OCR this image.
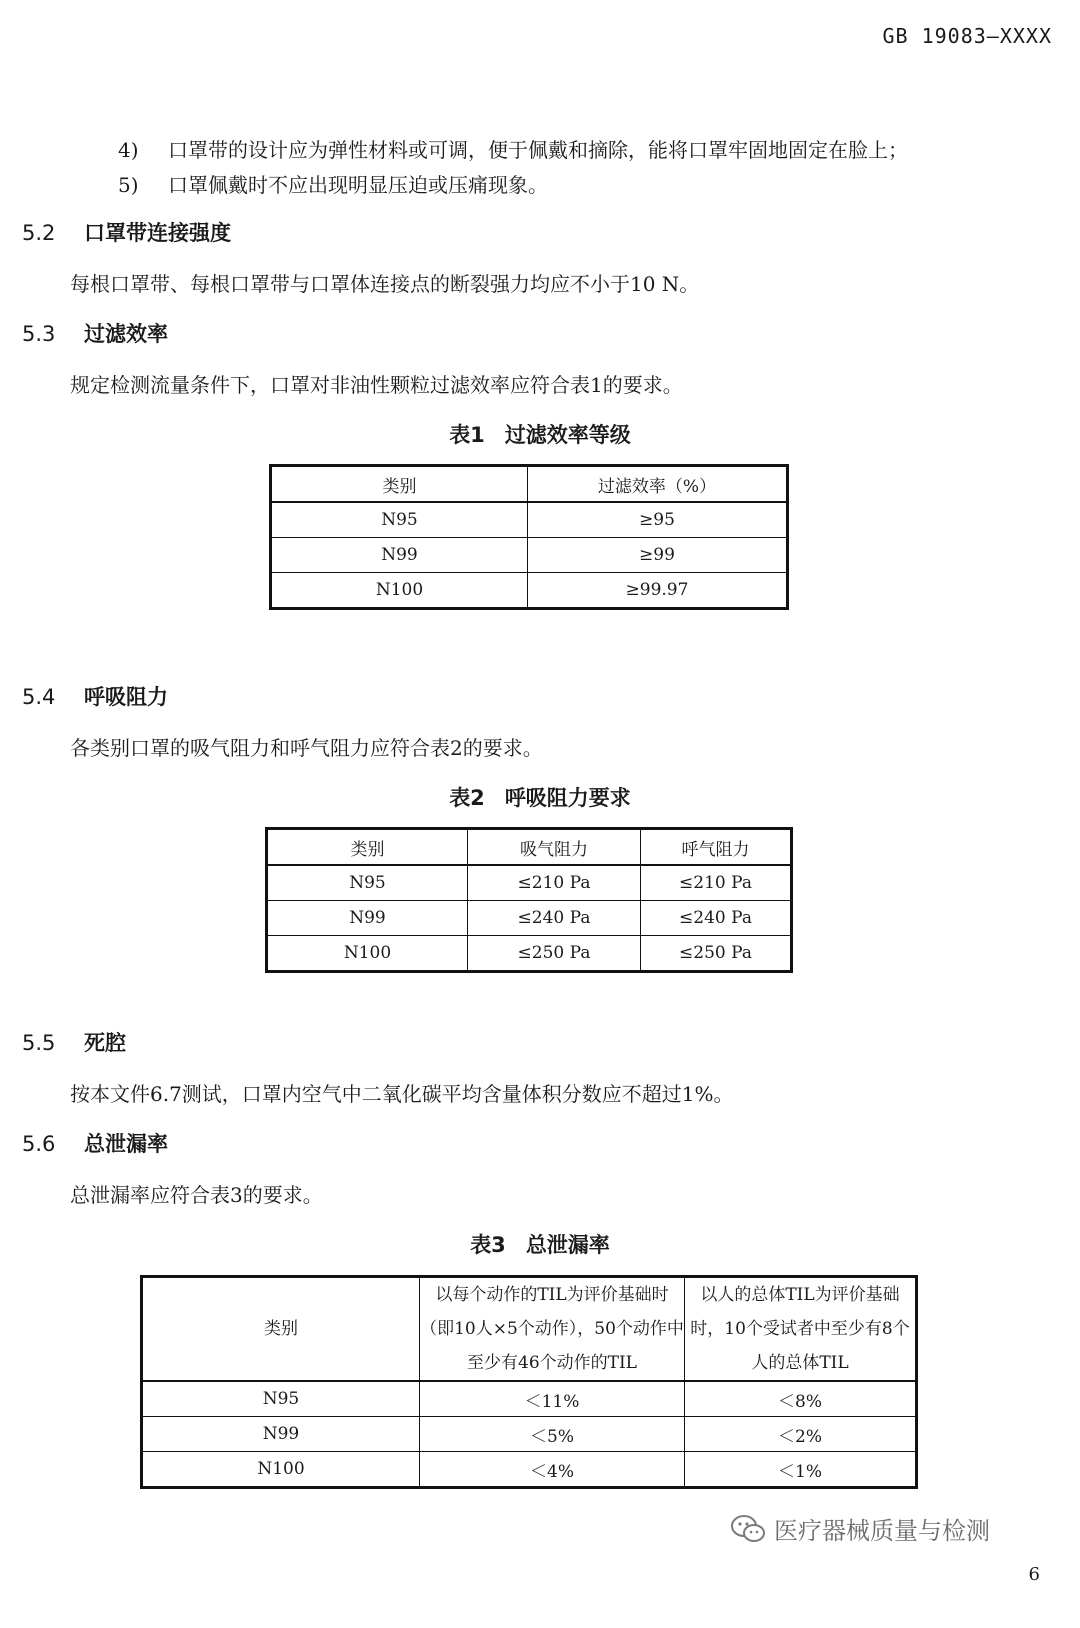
GB 19083—XXXX
4) 口罩带的设计应为弹性材料或可调，便于佩戴和摘除，能将口罩牢固地固定在脸上；
5) 口罩佩戴时不应出现明显压迫或压痛现象。
5.2 口罩带连接强度
每根口罩带、每根口罩带与口罩体连接点的断裂强力均应不小于10 N。
5.3 过滤效率
规定检测流量条件下，口罩对非油性颗粒过滤效率应符合表1的要求。
表1 过滤效率等级
类别	过滤效率（%）
N95	≥95
N99	≥99
N100	≥99.97
5.4 呼吸阻力
各类别口罩的吸气阻力和呼气阻力应符合表2的要求。
表2 呼吸阻力要求
类别	吸气阻力	呼气阻力
N95	≤210 Pa	≤210 Pa
N99	≤240 Pa	≤240 Pa
N100	≤250 Pa	≤250 Pa
5.5 死腔
按本文件6.7测试，口罩内空气中二氧化碳平均含量体积分数应不超过1%。
5.6 总泄漏率
总泄漏率应符合表3的要求。
表3 总泄漏率
类别	以每个动作的TIL为评价基础时（即10人×5个动作），50个动作中至少有46个动作的TIL	以人的总体TIL为评价基础时，10个受试者中至少有8个人的总体TIL
N95	＜11%	＜8%
N99	＜5%	＜2%
N100	＜4%	＜1%
医疗器械质量与检测
6
